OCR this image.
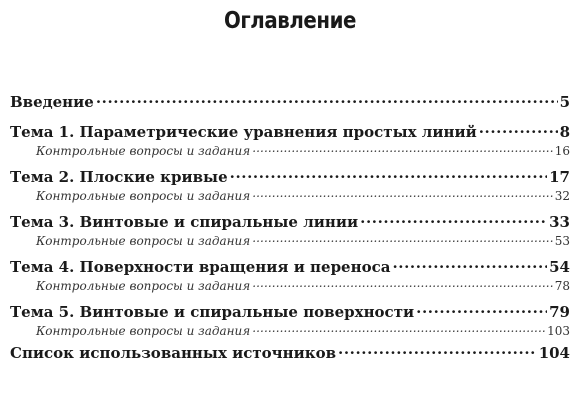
Оглавление
Введение .....	5
Тема 1. Параметрические уравнения простых линий .....	8
Контрольные вопросы и задания .....	16
Тема 2. Плоские кривые .....	17
Контрольные вопросы и задания .....	32
Тема 3. Винтовые и спиральные линии .....	33
Контрольные вопросы и задания .....	53
Тема 4. Поверхности вращения и переноса .....	54
Контрольные вопросы и задания .....	78
Тема 5. Винтовые и спиральные поверхности .....	79
Контрольные вопросы и задания .....	103
Список использованных источников .....	104
